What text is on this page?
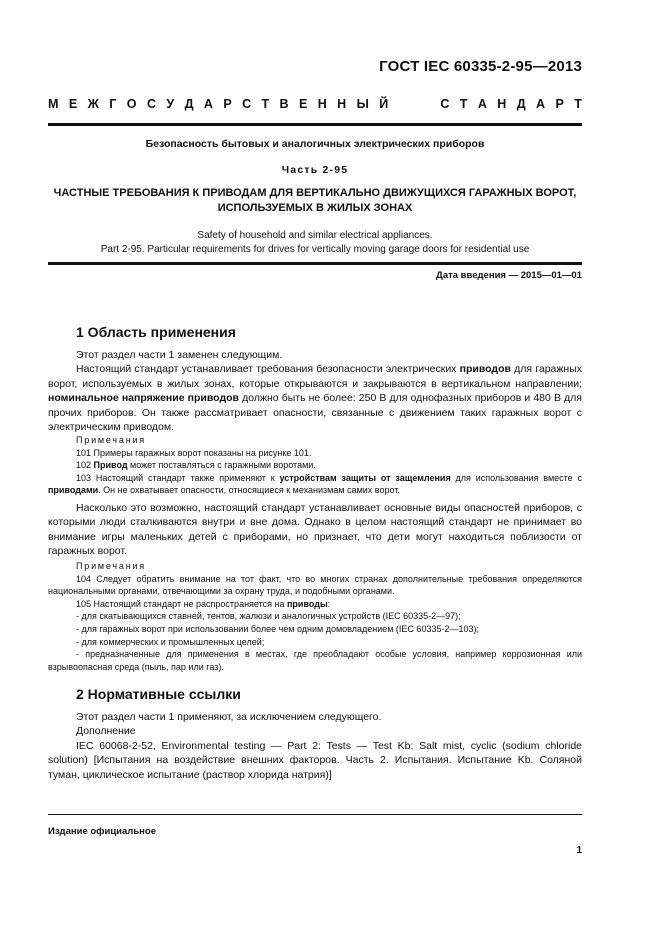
ГОСТ IEC 60335-2-95—2013
М Е Ж Г О С У Д А Р С Т В Е Н Н Ы Й

	С Т А Н Д А Р Т
Безопасность бытовых и аналогичных электрических приборов
Часть 2-95
ЧАСТНЫЕ ТРЕБОВАНИЯ К ПРИВОДАМ ДЛЯ ВЕРТИКАЛЬНО ДВИЖУЩИХСЯ ГАРАЖНЫХ ВОРОТ,
ИСПОЛЬЗУЕМЫХ В ЖИЛЫХ ЗОНАХ
Safety of household and similar electrical appliances.
Part 2-95. Particular requirements for drives for vertically moving garage doors for residential use
Дата введения — 2015—01—01
1 Область применения

Этот раздел части 1 заменен следующим.

Настоящий стандарт устанавливает требования безопасности электрических приводов для гаражных ворот, используемых в жилых зонах, которые открываются и закрываются в вертикальном направлении; номинальное напряжение приводов должно быть не более: 250 В для однофазных приборов и 480 В для прочих приборов. Он также рассматривает опасности, связанные с движением таких гаражных ворот с электрическим приводом.

Примечания

101 Примеры гаражных ворот показаны на рисунке 101.

102 Привод может поставляться с гаражными воротами.

103 Настоящий стандарт также применяют к устройствам защиты от защемления для использования вместе с приводами. Он не охватывает опасности, относящиеся к механизмам самих ворот.

Насколько это возможно, настоящий стандарт устанавливает основные виды опасностей приборов, с которыми люди сталкиваются внутри и вне дома. Однако в целом настоящий стандарт не принимает во внимание игры маленьких детей с приборами, но признает, что дети могут находиться поблизости от гаражных ворот.

Примечания

104 Следует обратить внимание на тот факт, что во многих странах дополнительные требования определяются национальными органами, отвечающими за охрану труда, и подобными органами.

105 Настоящий стандарт не распространяется на приводы:

- для скатывающихся ставней, тентов, жалюзи и аналогичных устройств (IEC 60335-2—97);

- для гаражных ворот при использовании более чем одним домовладением (IEC 60335-2—103);

- для коммерческих и промышленных целей;

- предназначенные для применения в местах, где преобладают особые условия, например коррозионная или взрывоопасная среда (пыль, пар или газ).

2 Нормативные ссылки

Этот раздел части 1 применяют, за исключением следующего.

Дополнение

IEC 60068-2-52, Environmental testing — Part 2: Tests — Test Kb: Salt mist, cyclic (sodium chloride solution) [Испытания на воздействие внешних факторов. Часть 2. Испытания. Испытание Kb. Соляной туман, циклическое испытание (раствор хлорида натрия)]

Издание официальное
1
